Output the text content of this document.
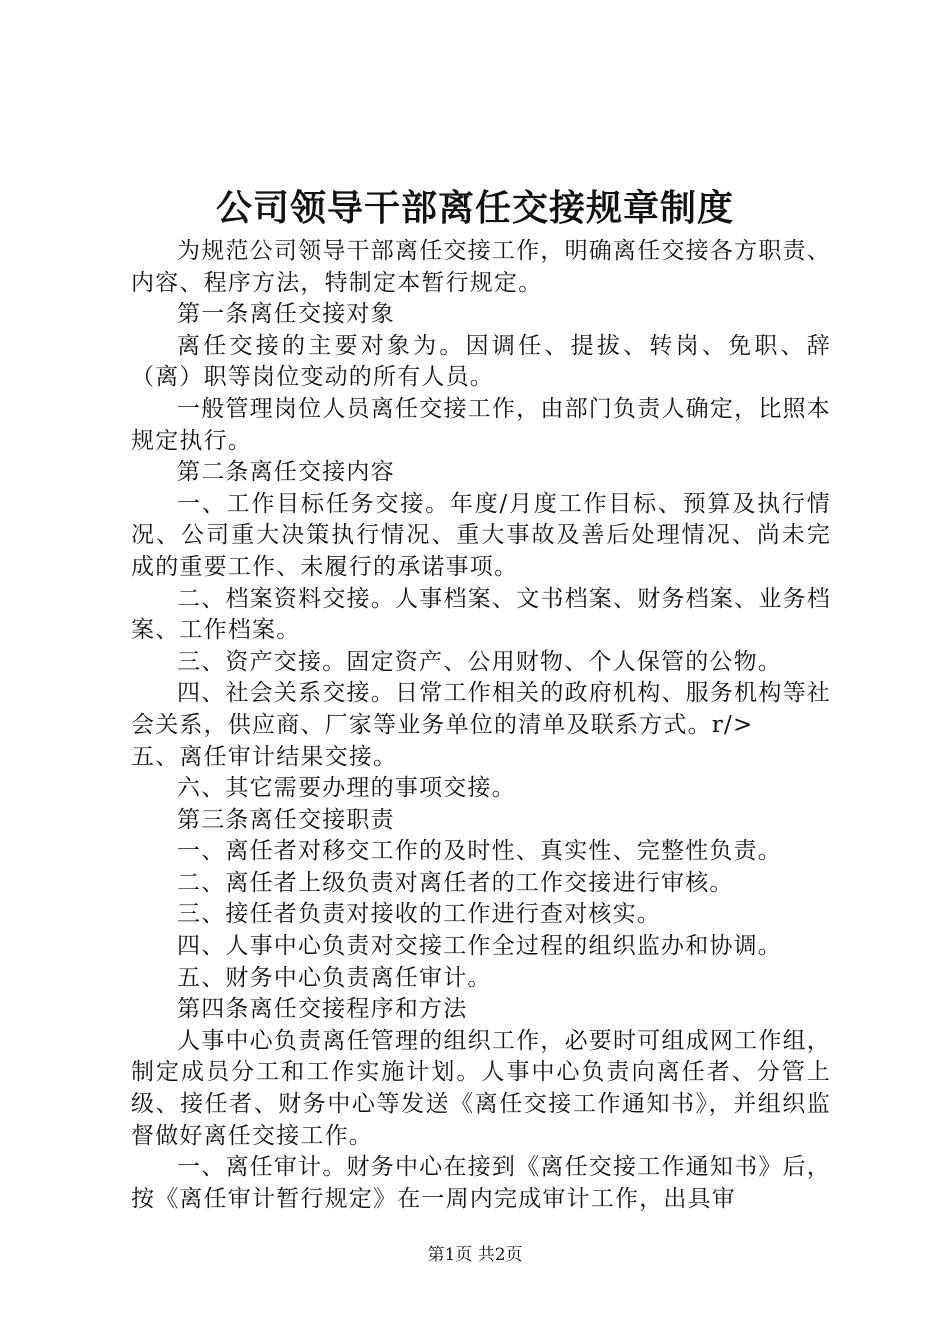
公司领导干部离任交接规章制度

为规范公司领导干部离任交接工作，明确离任交接各方职责、内容、程序方法，特制定本暂行规定。

第一条离任交接对象

离任交接的主要对象为。因调任、提拔、转岗、免职、辞（离）职等岗位变动的所有人员。

一般管理岗位人员离任交接工作，由部门负责人确定，比照本规定执行。

第二条离任交接内容

一、工作目标任务交接。年度/月度工作目标、预算及执行情况、公司重大决策执行情况、重大事故及善后处理情况、尚未完成的重要工作、未履行的承诺事项。

二、档案资料交接。人事档案、文书档案、财务档案、业务档案、工作档案。

三、资产交接。固定资产、公用财物、个人保管的公物。

四、社会关系交接。日常工作相关的政府机构、服务机构等社会关系，供应商、厂家等业务单位的清单及联系方式。r/>

五、离任审计结果交接。

六、其它需要办理的事项交接。

第三条离任交接职责

一、离任者对移交工作的及时性、真实性、完整性负责。

二、离任者上级负责对离任者的工作交接进行审核。

三、接任者负责对接收的工作进行查对核实。

四、人事中心负责对交接工作全过程的组织监办和协调。

五、财务中心负责离任审计。

第四条离任交接程序和方法

人事中心负责离任管理的组织工作，必要时可组成网工作组，制定成员分工和工作实施计划。人事中心负责向离任者、分管上级、接任者、财务中心等发送《离任交接工作通知书》，并组织监督做好离任交接工作。

一、离任审计。财务中心在接到《离任交接工作通知书》后，按《离任审计暂行规定》在一周内完成审计工作，出具审

第1页 共2页
